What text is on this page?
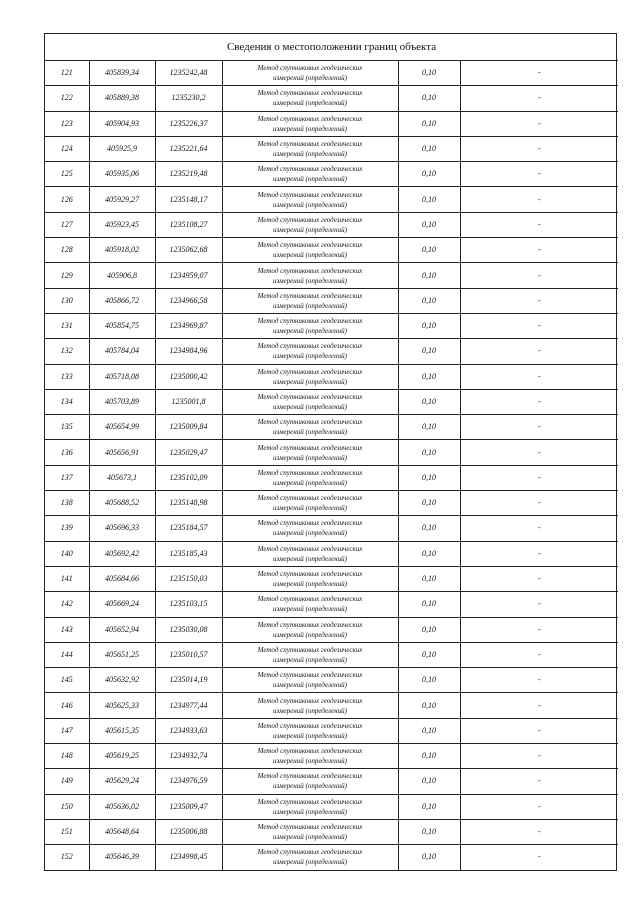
Сведения о местоположении границ объекта					
121	405839,34	1235242,48	Метод спутниковых геодезических
измерений (определений)	0,10	-
122	405889,38	1235230,2	Метод спутниковых геодезических
измерений (определений)	0,10	-
123	405904,93	1235226,37	Метод спутниковых геодезических
измерений (определений)	0,10	-
124	405925,9	1235221,64	Метод спутниковых геодезических
измерений (определений)	0,10	-
125	405935,06	1235219,48	Метод спутниковых геодезических
измерений (определений)	0,10	-
126	405929,27	1235148,17	Метод спутниковых геодезических
измерений (определений)	0,10	-
127	405923,45	1235108,27	Метод спутниковых геодезических
измерений (определений)	0,10	-
128	405918,02	1235062,68	Метод спутниковых геодезических
измерений (определений)	0,10	-
129	405906,8	1234959,07	Метод спутниковых геодезических
измерений (определений)	0,10	-
130	405866,72	1234966,58	Метод спутниковых геодезических
измерений (определений)	0,10	-
131	405854,75	1234969,87	Метод спутниковых геодезических
измерений (определений)	0,10	-
132	405784,04	1234984,96	Метод спутниковых геодезических
измерений (определений)	0,10	-
133	405718,08	1235000,42	Метод спутниковых геодезических
измерений (определений)	0,10	-
134	405703,89	1235001,8	Метод спутниковых геодезических
измерений (определений)	0,10	-
135	405654,99	1235009,84	Метод спутниковых геодезических
измерений (определений)	0,10	-
136	405656,91	1235029,47	Метод спутниковых геодезических
измерений (определений)	0,10	-
137	405673,1	1235102,09	Метод спутниковых геодезических
измерений (определений)	0,10	-
138	405688,52	1235148,98	Метод спутниковых геодезических
измерений (определений)	0,10	-
139	405696,33	1235184,57	Метод спутниковых геодезических
измерений (определений)	0,10	-
140	405692,42	1235185,43	Метод спутниковых геодезических
измерений (определений)	0,10	-
141	405684,66	1235150,03	Метод спутниковых геодезических
измерений (определений)	0,10	-
142	405669,24	1235103,15	Метод спутниковых геодезических
измерений (определений)	0,10	-
143	405652,94	1235030,08	Метод спутниковых геодезических
измерений (определений)	0,10	-
144	405651,25	1235010,57	Метод спутниковых геодезических
измерений (определений)	0,10	-
145	405632,92	1235014,19	Метод спутниковых геодезических
измерений (определений)	0,10	-
146	405625,33	1234977,44	Метод спутниковых геодезических
измерений (определений)	0,10	-
147	405615,35	1234933,63	Метод спутниковых геодезических
измерений (определений)	0,10	-
148	405619,25	1234932,74	Метод спутниковых геодезических
измерений (определений)	0,10	-
149	405629,24	1234976,59	Метод спутниковых геодезических
измерений (определений)	0,10	-
150	405636,02	1235009,47	Метод спутниковых геодезических
измерений (определений)	0,10	-
151	405648,64	1235006,88	Метод спутниковых геодезических
измерений (определений)	0,10	-
152	405646,39	1234998,45	Метод спутниковых геодезических
измерений (определений)	0,10	-
